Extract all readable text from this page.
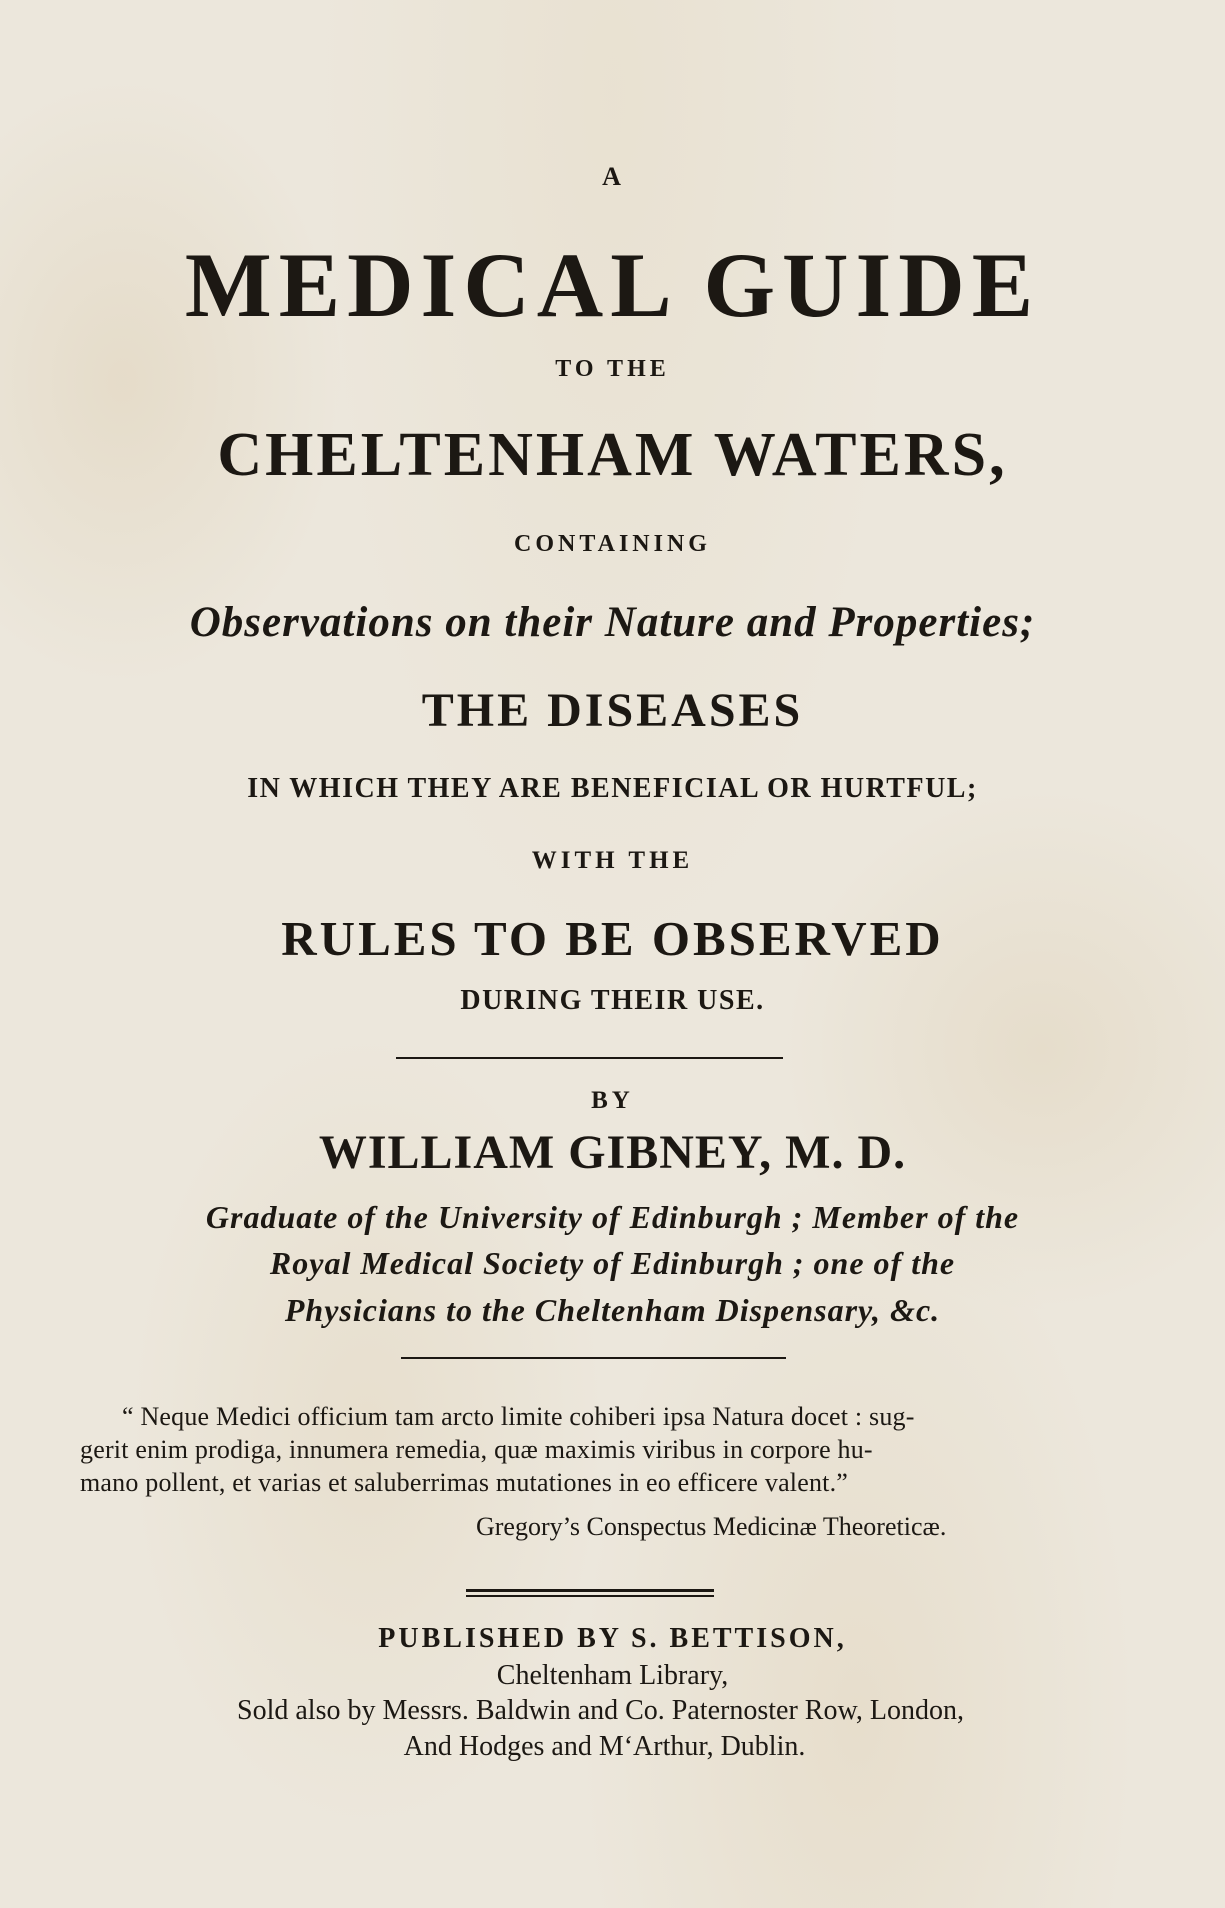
A
MEDICAL GUIDE
TO THE
CHELTENHAM WATERS,
CONTAINING
Observations on their Nature and Properties;
THE DISEASES
IN WHICH THEY ARE BENEFICIAL OR HURTFUL;
WITH THE
RULES TO BE OBSERVED
DURING THEIR USE.
BY
WILLIAM GIBNEY, M. D.
Graduate of the University of Edinburgh ; Member of the
Royal Medical Society of Edinburgh ; one of the
Physicians to the Cheltenham Dispensary, &c.
“ Neque Medici officium tam arcto limite cohiberi ipsa Natura docet : sug-
gerit enim prodiga, innumera remedia, quæ maximis viribus in corpore hu-
mano pollent, et varias et saluberrimas mutationes in eo efficere valent.”
Gregory’s Conspectus Medicinæ Theoreticæ.
PUBLISHED BY S. BETTISON,
Cheltenham Library,
Sold also by Messrs. Baldwin and Co. Paternoster Row, London,
And Hodges and M‘Arthur, Dublin.
